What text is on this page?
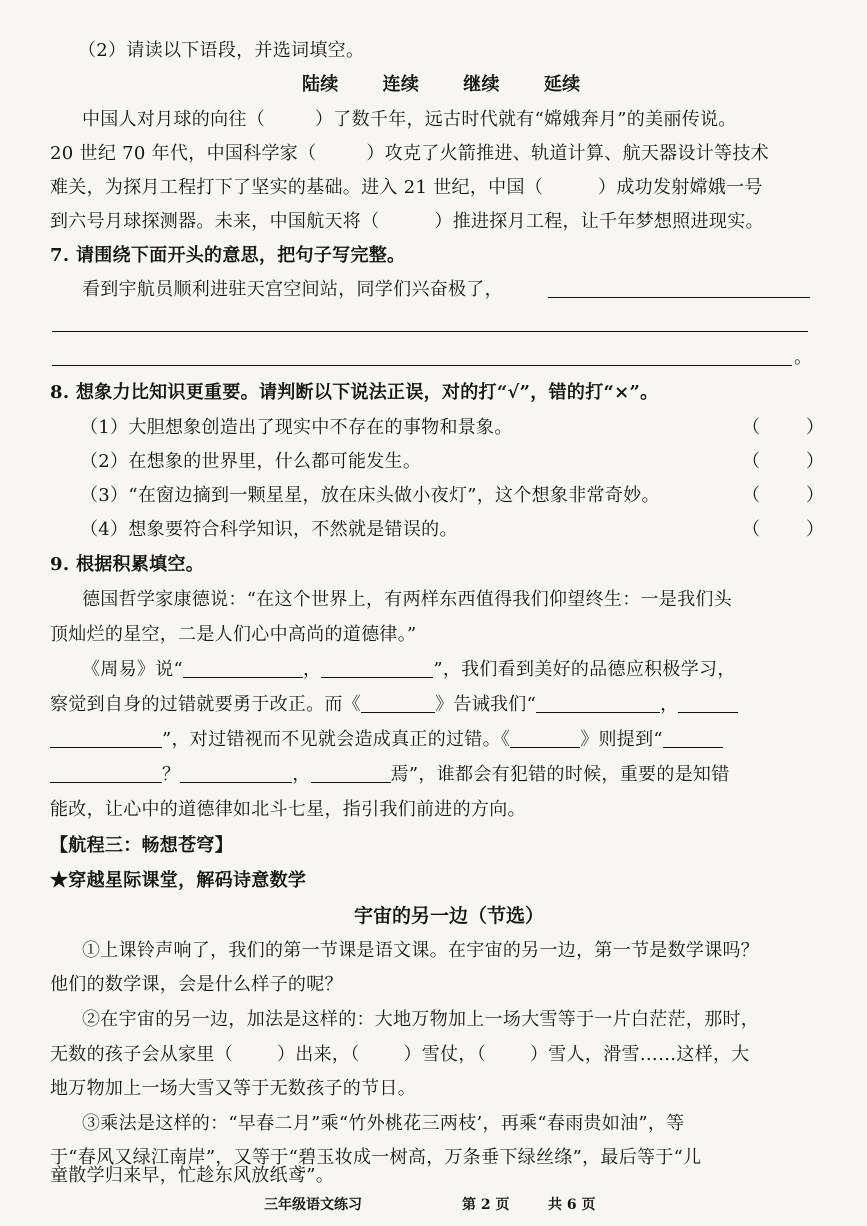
（2）请读以下语段，并选词填空。
陆续 连续 继续 延续
中国人对月球的向往（	）了数千年，远古时代就有“嫦娥奔月”的美丽传说。
20 世纪 70 年代，中国科学家（	）攻克了火箭推进、轨道计算、航天器设计等技术
难关，为探月工程打下了坚实的基础。进入 21 世纪，中国（	）成功发射嫦娥一号
到六号月球探测器。未来，中国航天将（	）推进探月工程，让千年梦想照进现实。
7. 请围绕下面开头的意思，把句子写完整。
看到宇航员顺利进驻天宫空间站，同学们兴奋极了，
。
8. 想象力比知识更重要。请判断以下说法正误，对的打“√”，错的打“×”。
（1）大胆想象创造出了现实中不存在的事物和景象。	（	）
（2）在想象的世界里，什么都可能发生。	（	）
（3）“在窗边摘到一颗星星，放在床头做小夜灯”，这个想象非常奇妙。	（	）
（4）想象要符合科学知识，不然就是错误的。	（	）
9. 根据积累填空。
德国哲学家康德说：“在这个世界上，有两样东西值得我们仰望终生：一是我们头
顶灿烂的星空，二是人们心中高尚的道德律。”
《周易》说“	，	”，我们看到美好的品德应积极学习，
察觉到自身的过错就要勇于改正。而《	》告诫我们“	，
”，对过错视而不见就会造成真正的过错。《	》则提到“
？	，	焉”，谁都会有犯错的时候，重要的是知错
能改，让心中的道德律如北斗七星，指引我们前进的方向。
【航程三：畅想苍穹】
★穿越星际课堂，解码诗意数学
宇宙的另一边（节选）
①上课铃声响了，我们的第一节课是语文课。在宇宙的另一边，第一节是数学课吗？
他们的数学课，会是什么样子的呢？
②在宇宙的另一边，加法是这样的：大地万物加上一场大雪等于一片白茫茫，那时，
无数的孩子会从家里（ ）出来，（ ）雪仗，（ ）雪人，滑雪……这样，大
地万物加上一场大雪又等于无数孩子的节日。
③乘法是这样的：“早春二月”乘“竹外桃花三两枝’，再乘“春雨贵如油”，等
于“春风又绿江南岸”，又等于“碧玉妆成一树高，万条垂下绿丝绦”，最后等于“儿
童散学归来早，忙趁东风放纸鸢”。
三年级语文练习	第 2 页	共 6 页
